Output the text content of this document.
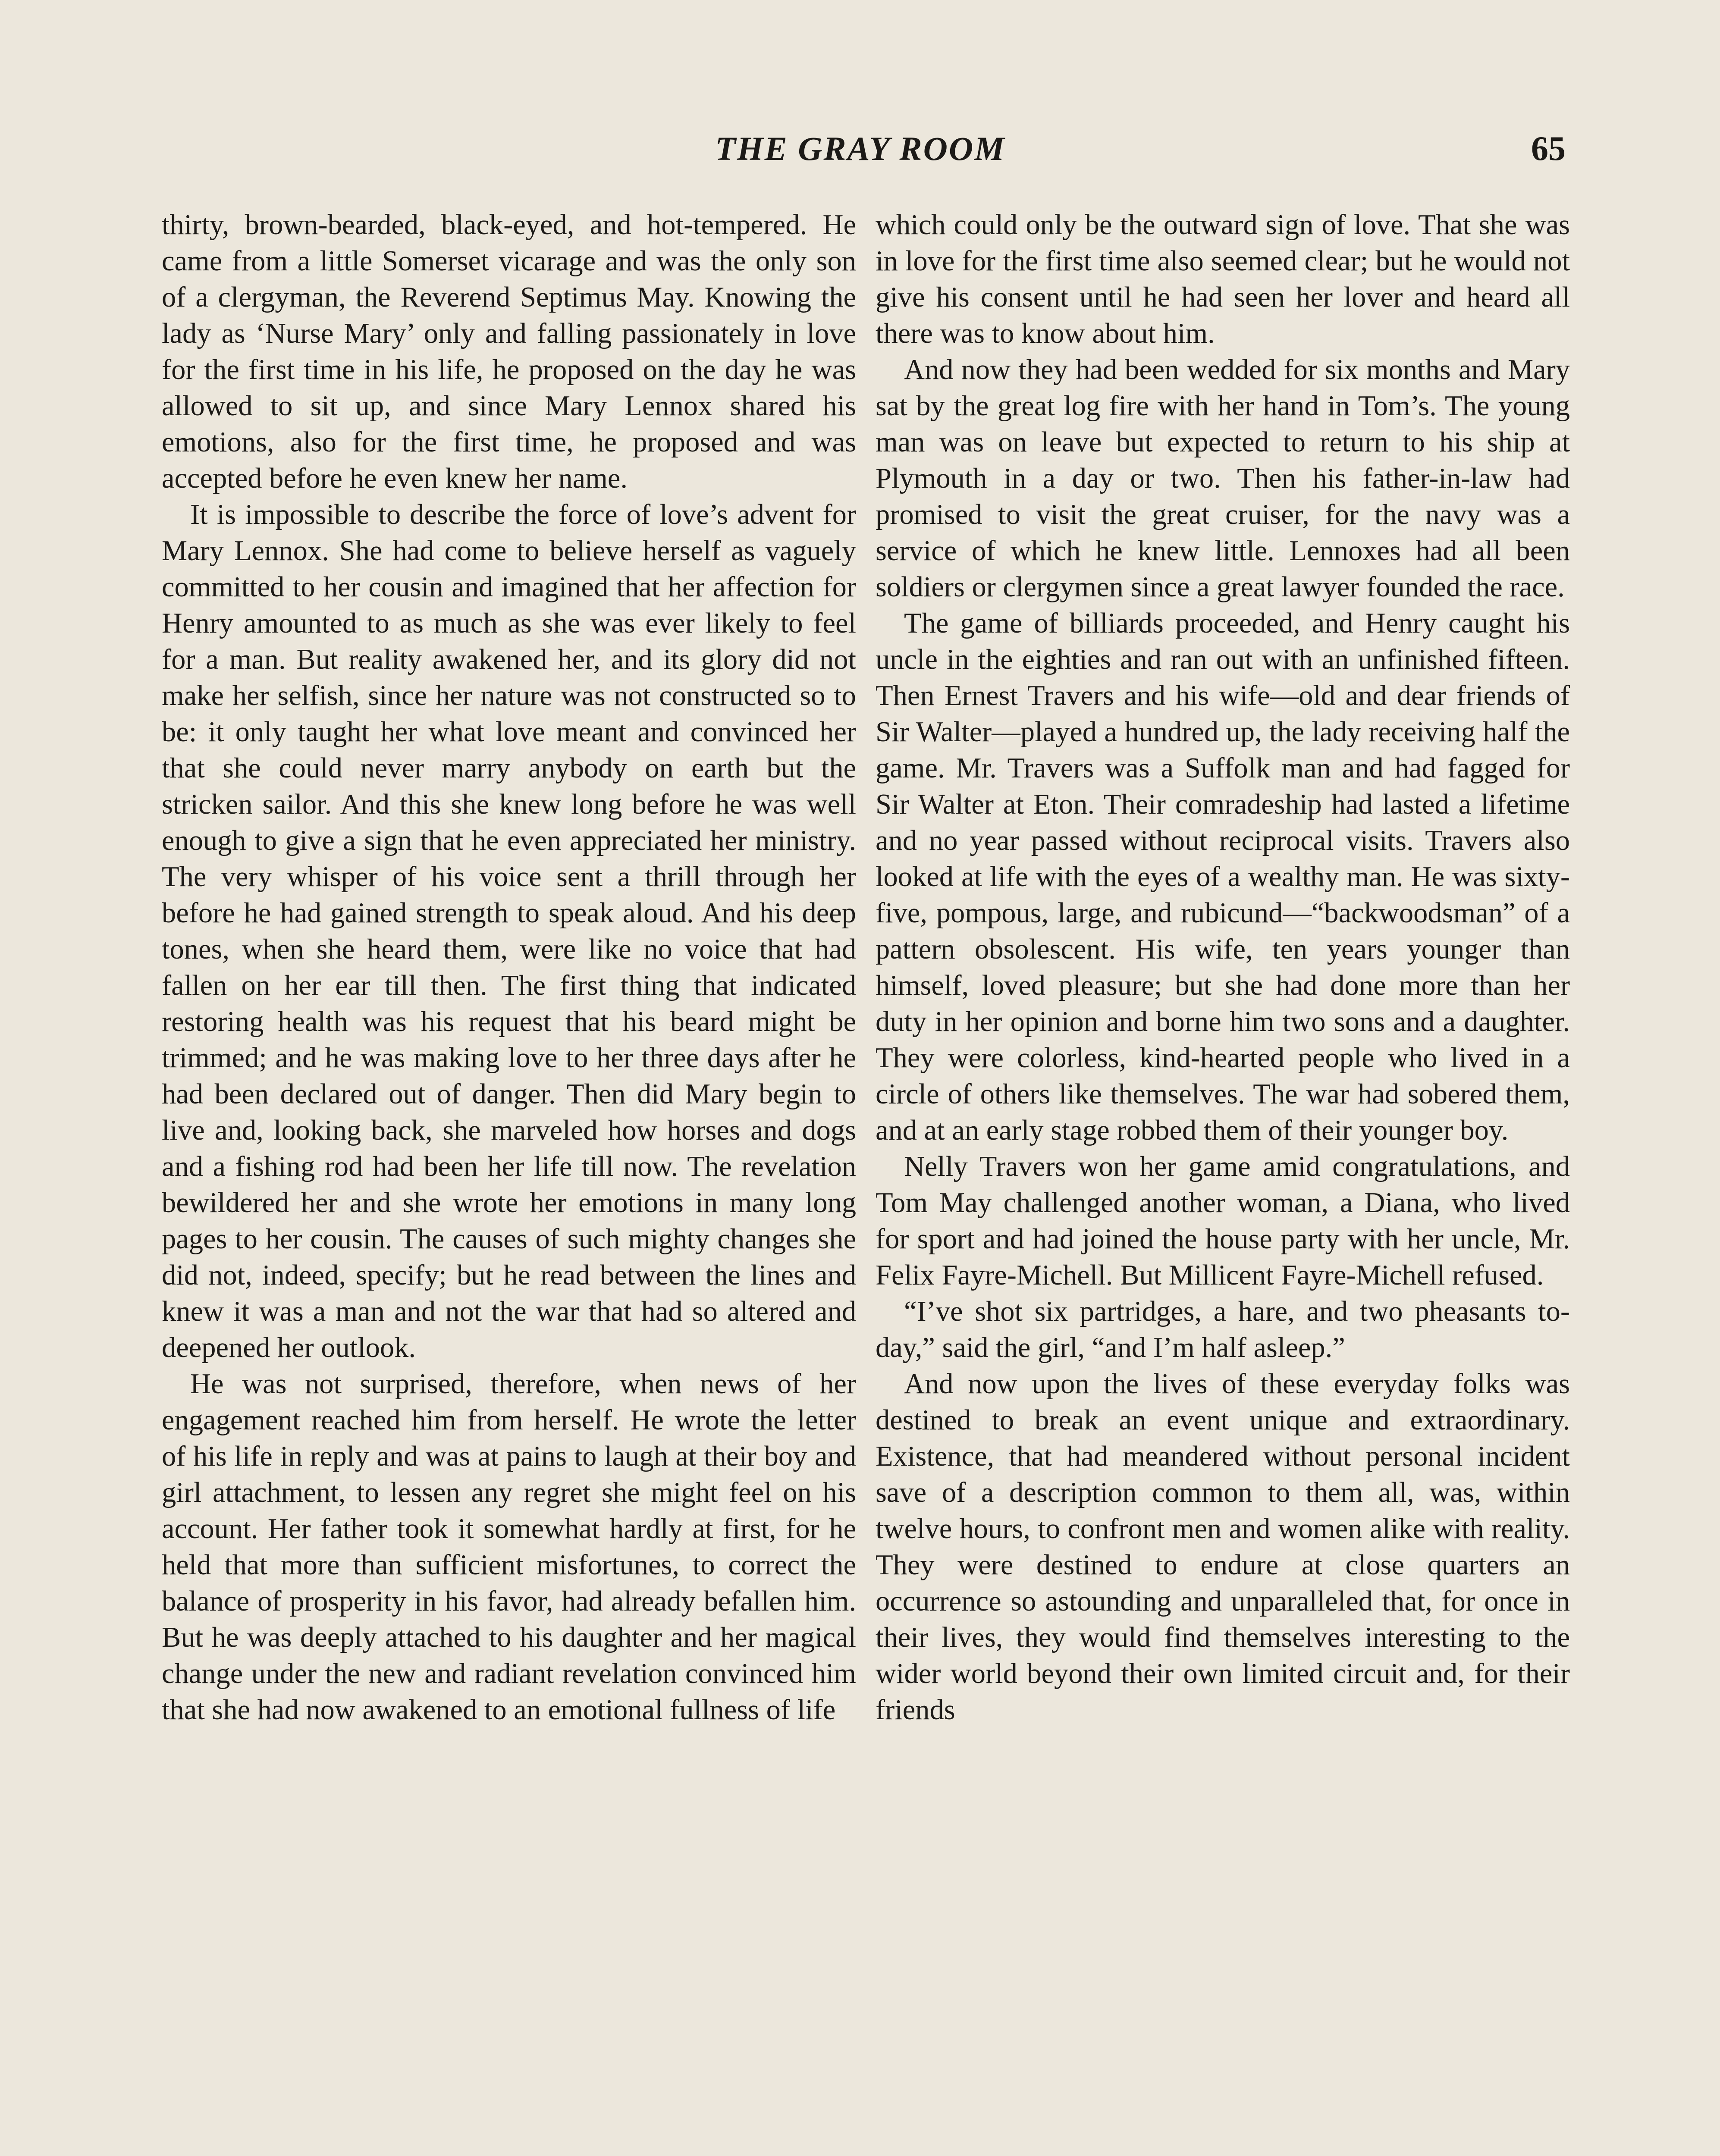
THE GRAY ROOM	65

thirty, brown-bearded, black-eyed, and hot-tempered. He came from a little Somerset vicarage and was the only son of a clergyman, the Reverend Septimus May. Knowing the lady as ‘Nurse Mary’ only and falling passionately in love for the first time in his life, he proposed on the day he was allowed to sit up, and since Mary Lennox shared his emotions, also for the first time, he proposed and was accepted before he even knew her name.

It is impossible to describe the force of love’s advent for Mary Lennox. She had come to believe herself as vaguely committed to her cousin and imagined that her affection for Henry amounted to as much as she was ever likely to feel for a man. But reality awakened her, and its glory did not make her selfish, since her nature was not constructed so to be: it only taught her what love meant and convinced her that she could never marry anybody on earth but the stricken sailor. And this she knew long before he was well enough to give a sign that he even appreciated her ministry. The very whisper of his voice sent a thrill through her before he had gained strength to speak aloud. And his deep tones, when she heard them, were like no voice that had fallen on her ear till then. The first thing that indicated restoring health was his request that his beard might be trimmed; and he was making love to her three days after he had been declared out of danger. Then did Mary begin to live and, looking back, she marveled how horses and dogs and a fishing rod had been her life till now. The revelation bewildered her and she wrote her emotions in many long pages to her cousin. The causes of such mighty changes she did not, indeed, specify; but he read between the lines and knew it was a man and not the war that had so altered and deepened her outlook.

He was not surprised, therefore, when news of her engagement reached him from herself. He wrote the letter of his life in reply and was at pains to laugh at their boy and girl attachment, to lessen any regret she might feel on his account. Her father took it somewhat hardly at first, for he held that more than sufficient misfortunes, to correct the balance of prosperity in his favor, had already befallen him. But he was deeply attached to his daughter and her magical change under the new and radiant revelation convinced him that she had now awakened to an emotional fullness of life

which could only be the outward sign of love. That she was in love for the first time also seemed clear; but he would not give his consent until he had seen her lover and heard all there was to know about him.

And now they had been wedded for six months and Mary sat by the great log fire with her hand in Tom’s. The young man was on leave but expected to return to his ship at Plymouth in a day or two. Then his father-in-law had promised to visit the great cruiser, for the navy was a service of which he knew little. Lennoxes had all been soldiers or clergymen since a great lawyer founded the race.

The game of billiards proceeded, and Henry caught his uncle in the eighties and ran out with an unfinished fifteen. Then Ernest Travers and his wife—old and dear friends of Sir Walter—played a hundred up, the lady receiving half the game. Mr. Travers was a Suffolk man and had fagged for Sir Walter at Eton. Their comradeship had lasted a lifetime and no year passed without reciprocal visits. Travers also looked at life with the eyes of a wealthy man. He was sixty-five, pompous, large, and rubicund—“backwoodsman” of a pattern obsolescent. His wife, ten years younger than himself, loved pleasure; but she had done more than her duty in her opinion and borne him two sons and a daughter. They were colorless, kind-hearted people who lived in a circle of others like themselves. The war had sobered them, and at an early stage robbed them of their younger boy.

Nelly Travers won her game amid congratulations, and Tom May challenged another woman, a Diana, who lived for sport and had joined the house party with her uncle, Mr. Felix Fayre-Michell. But Millicent Fayre-Michell refused.

“I’ve shot six partridges, a hare, and two pheasants to-day,” said the girl, “and I’m half asleep.”

And now upon the lives of these everyday folks was destined to break an event unique and extraordinary. Existence, that had meandered without personal incident save of a description common to them all, was, within twelve hours, to confront men and women alike with reality. They were destined to endure at close quarters an occurrence so astounding and unparalleled that, for once in their lives, they would find themselves interesting to the wider world beyond their own limited circuit and, for their friends
